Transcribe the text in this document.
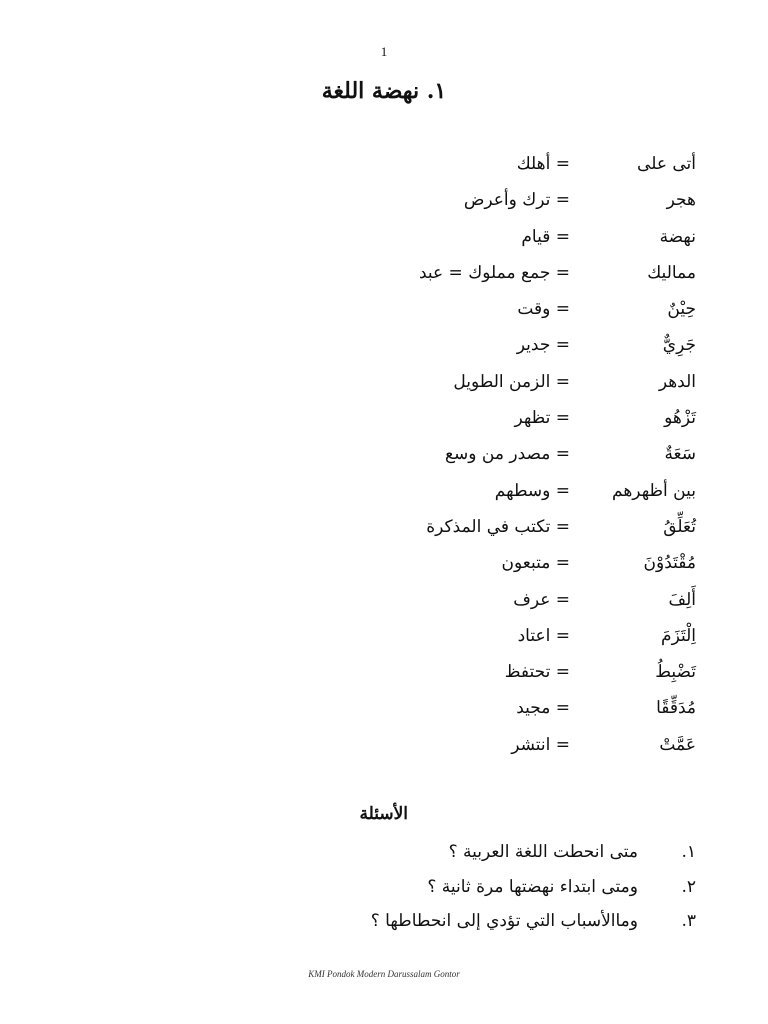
1
١. نهضة اللغة
أتى على
= أهلك
هجر
= ترك وأعرض
نهضة
= قيام
مماليك
= جمع مملوك = عبد
حِيْنٌ
= وقت
جَرِيٌّ
= جدير
الدهر
= الزمن الطويل
تَزْهُو
= تظهر
سَعَةٌ
= مصدر من وسع
بين أظهرهم
= وسطهم
تُعَلِّقُ
= تكتب في المذكرة
مُقْتَدُوْنَ
= متبعون
أَلِفَ
= عرف
اِلْتَزَمَ
= اعتاد
تَضْبِطُ
= تحتفظ
مُدَقِّقًا
= مجيد
عَمَّتْ
= انتشر
الأسئلة
١.
متى انحطت اللغة العربية ؟
٢.
ومتى ابتداء نهضتها مرة ثانية ؟
٣.
وماالأسباب التي تؤدي إلى انحطاطها ؟
KMI Pondok Modern Darussalam Gontor
